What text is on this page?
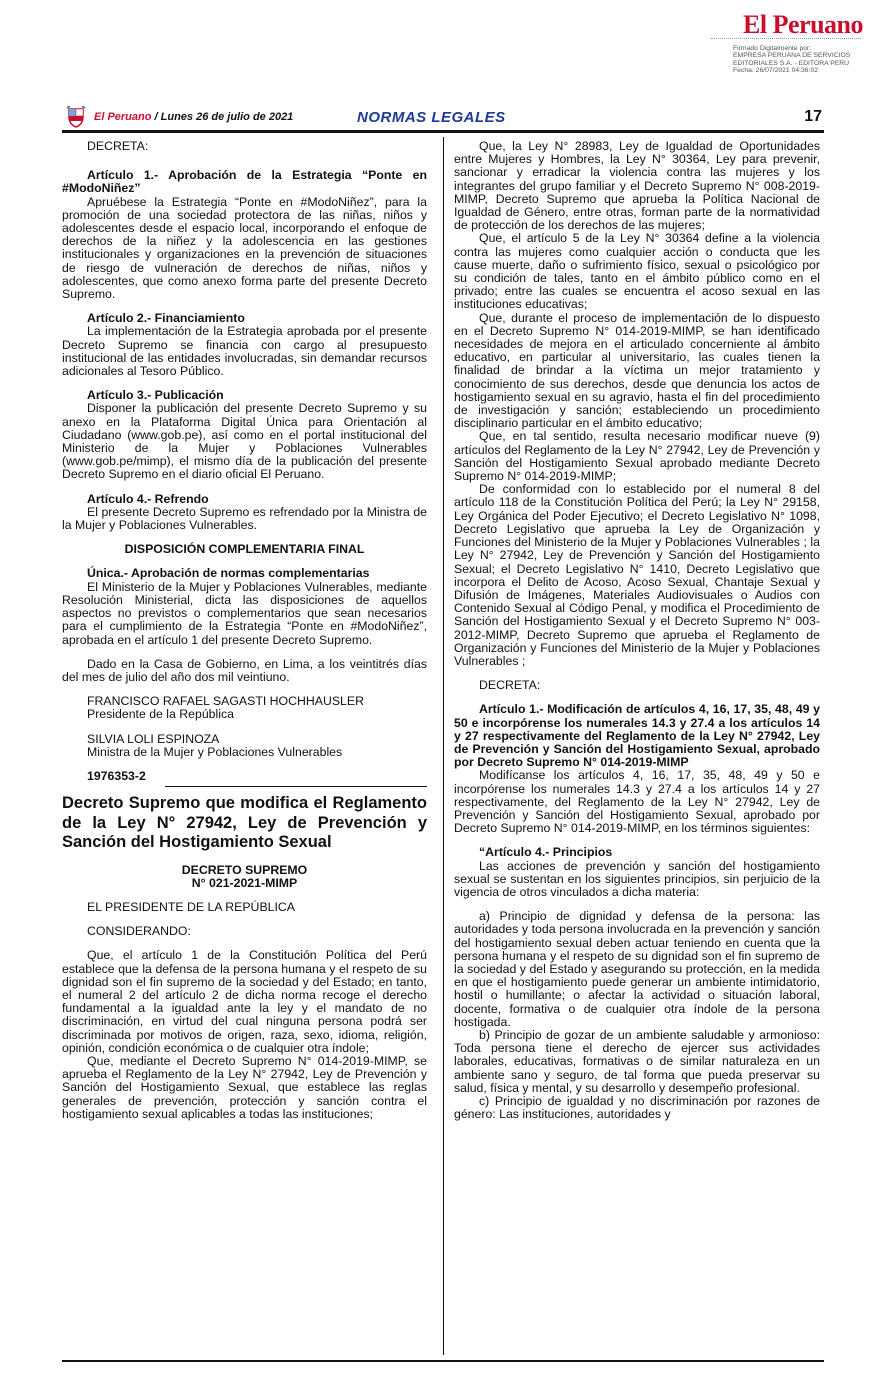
El Peruano
Firmado Digitalmente por:
EMPRESA PERUANA DE SERVICIOS
EDITORIALES S.A. - EDITORA PERU
Fecha: 26/07/2021 04:36:02
El Peruano / Lunes 26 de julio de 2021	NORMAS LEGALES	17

DECRETA:

Artículo 1.- Aprobación de la Estrategia “Ponte en #ModoNiñez”

Apruébese la Estrategia “Ponte en #ModoNiñez”, para la promoción de una sociedad protectora de las niñas, niños y adolescentes desde el espacio local, incorporando el enfoque de derechos de la niñez y la adolescencia en las gestiones institucionales y organizaciones en la prevención de situaciones de riesgo de vulneración de derechos de niñas, niños y adolescentes, que como anexo forma parte del presente Decreto Supremo.

Artículo 2.- Financiamiento

La implementación de la Estrategia aprobada por el presente Decreto Supremo se financia con cargo al presupuesto institucional de las entidades involucradas, sin demandar recursos adicionales al Tesoro Público.

Artículo 3.- Publicación

Disponer la publicación del presente Decreto Supremo y su anexo en la Plataforma Digital Única para Orientación al Ciudadano (www.gob.pe), así como en el portal institucional del Ministerio de la Mujer y Poblaciones Vulnerables (www.gob.pe/mimp), el mismo día de la publicación del presente Decreto Supremo en el diario oficial El Peruano.

Artículo 4.- Refrendo

El presente Decreto Supremo es refrendado por la Ministra de la Mujer y Poblaciones Vulnerables.

DISPOSICIÓN COMPLEMENTARIA FINAL

Única.- Aprobación de normas complementarias

El Ministerio de la Mujer y Poblaciones Vulnerables, mediante Resolución Ministerial, dicta las disposiciones de aquellos aspectos no previstos o complementarios que sean necesarios para el cumplimiento de la Estrategia “Ponte en #ModoNiñez”, aprobada en el artículo 1 del presente Decreto Supremo.

Dado en la Casa de Gobierno, en Lima, a los veintitrés días del mes de julio del año dos mil veintiuno.

FRANCISCO RAFAEL SAGASTI HOCHHAUSLER

Presidente de la República

SILVIA LOLI ESPINOZA

Ministra de la Mujer y Poblaciones Vulnerables

1976353-2

Decreto Supremo que modifica el Reglamento de la Ley N° 27942, Ley de Prevención y Sanción del Hostigamiento Sexual

DECRETO SUPREMO

N° 021-2021-MIMP

EL PRESIDENTE DE LA REPÚBLICA

CONSIDERANDO:

Que, el artículo 1 de la Constitución Política del Perú establece que la defensa de la persona humana y el respeto de su dignidad son el fin supremo de la sociedad y del Estado; en tanto, el numeral 2 del artículo 2 de dicha norma recoge el derecho fundamental a la igualdad ante la ley y el mandato de no discriminación, en virtud del cual ninguna persona podrá ser discriminada por motivos de origen, raza, sexo, idioma, religión, opinión, condición económica o de cualquier otra índole;

Que, mediante el Decreto Supremo N° 014-2019-MIMP, se aprueba el Reglamento de la Ley N° 27942, Ley de Prevención y Sanción del Hostigamiento Sexual, que establece las reglas generales de prevención, protección y sanción contra el hostigamiento sexual aplicables a todas las instituciones;

Que, la Ley N° 28983, Ley de Igualdad de Oportunidades entre Mujeres y Hombres, la Ley N° 30364, Ley para prevenir, sancionar y erradicar la violencia contra las mujeres y los integrantes del grupo familiar y el Decreto Supremo N° 008-2019-MIMP, Decreto Supremo que aprueba la Política Nacional de Igualdad de Género, entre otras, forman parte de la normatividad de protección de los derechos de las mujeres;

Que, el artículo 5 de la Ley N° 30364 define a la violencia contra las mujeres como cualquier acción o conducta que les cause muerte, daño o sufrimiento físico, sexual o psicológico por su condición de tales, tanto en el ámbito público como en el privado; entre las cuales se encuentra el acoso sexual en las instituciones educativas;

Que, durante el proceso de implementación de lo dispuesto en el Decreto Supremo N° 014-2019-MIMP, se han identificado necesidades de mejora en el articulado concerniente al ámbito educativo, en particular al universitario, las cuales tienen la finalidad de brindar a la víctima un mejor tratamiento y conocimiento de sus derechos, desde que denuncia los actos de hostigamiento sexual en su agravio, hasta el fin del procedimiento de investigación y sanción; estableciendo un procedimiento disciplinario particular en el ámbito educativo;

Que, en tal sentido, resulta necesario modificar nueve (9) artículos del Reglamento de la Ley N° 27942, Ley de Prevención y Sanción del Hostigamiento Sexual aprobado mediante Decreto Supremo N° 014-2019-MIMP;

De conformidad con lo establecido por el numeral 8 del artículo 118 de la Constitución Política del Perú; la Ley N° 29158, Ley Orgánica del Poder Ejecutivo; el Decreto Legislativo N° 1098, Decreto Legislativo que aprueba la Ley de Organización y Funciones del Ministerio de la Mujer y Poblaciones Vulnerables ; la Ley N° 27942, Ley de Prevención y Sanción del Hostigamiento Sexual; el Decreto Legislativo N° 1410, Decreto Legislativo que incorpora el Delito de Acoso, Acoso Sexual, Chantaje Sexual y Difusión de Imágenes, Materiales Audiovisuales o Audios con Contenido Sexual al Código Penal, y modifica el Procedimiento de Sanción del Hostigamiento Sexual y el Decreto Supremo N° 003-2012-MIMP, Decreto Supremo que aprueba el Reglamento de Organización y Funciones del Ministerio de la Mujer y Poblaciones Vulnerables ;

DECRETA:

Artículo 1.- Modificación de artículos 4, 16, 17, 35, 48, 49 y 50 e incorpórense los numerales 14.3 y 27.4 a los artículos 14 y 27 respectivamente del Reglamento de la Ley N° 27942, Ley de Prevención y Sanción del Hostigamiento Sexual, aprobado por Decreto Supremo N° 014-2019-MIMP

Modifícanse los artículos 4, 16, 17, 35, 48, 49 y 50 e incorpórense los numerales 14.3 y 27.4 a los artículos 14 y 27 respectivamente, del Reglamento de la Ley N° 27942, Ley de Prevención y Sanción del Hostigamiento Sexual, aprobado por Decreto Supremo N° 014-2019-MIMP, en los términos siguientes:

“Artículo 4.- Principios

Las acciones de prevención y sanción del hostigamiento sexual se sustentan en los siguientes principios, sin perjuicio de la vigencia de otros vinculados a dicha materia:

a) Principio de dignidad y defensa de la persona: las autoridades y toda persona involucrada en la prevención y sanción del hostigamiento sexual deben actuar teniendo en cuenta que la persona humana y el respeto de su dignidad son el fin supremo de la sociedad y del Estado y asegurando su protección, en la medida en que el hostigamiento puede generar un ambiente intimidatorio, hostil o humillante; o afectar la actividad o situación laboral, docente, formativa o de cualquier otra índole de la persona hostigada.

b) Principio de gozar de un ambiente saludable y armonioso: Toda persona tiene el derecho de ejercer sus actividades laborales, educativas, formativas o de similar naturaleza en un ambiente sano y seguro, de tal forma que pueda preservar su salud, física y mental, y su desarrollo y desempeño profesional.

c) Principio de igualdad y no discriminación por razones de género: Las instituciones, autoridades y
